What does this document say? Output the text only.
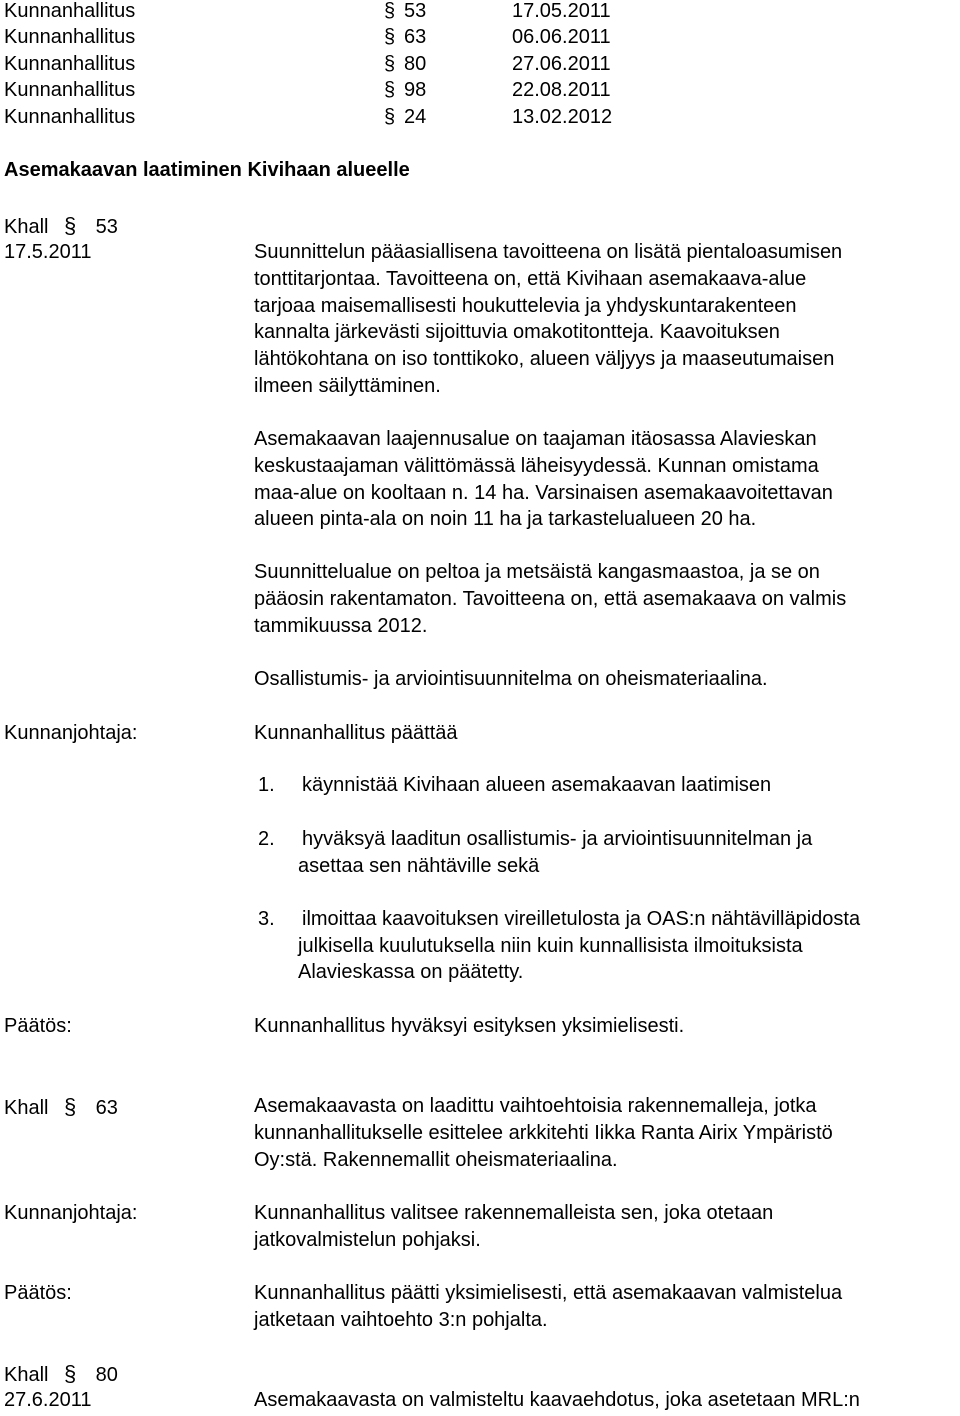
Kunnanhallitus	§ 53	17.05.2011
Kunnanhallitus	§ 63	06.06.2011
Kunnanhallitus	§ 80	27.06.2011
Kunnanhallitus	§ 98	22.08.2011
Kunnanhallitus	§ 24	13.02.2012
Asemakaavan laatiminen Kivihaan alueelle
Khall § 53
17.5.2011	Suunnittelun pääasiallisena tavoitteena on lisätä pientaloasumisen
tonttitarjontaa. Tavoitteena on, että Kivihaan asemakaava-alue
tarjoaa maisemallisesti houkuttelevia ja yhdyskuntarakenteen
kannalta järkevästi sijoittuvia omakotitontteja. Kaavoituksen
lähtökohtana on iso tonttikoko, alueen väljyys ja maaseutumaisen
ilmeen säilyttäminen.
Asemakaavan laajennusalue on taajaman itäosassa Alavieskan
keskustaajaman välittömässä läheisyydessä. Kunnan omistama
maa-alue on kooltaan n. 14 ha. Varsinaisen asemakaavoitettavan
alueen pinta-ala on noin 11 ha ja tarkastelualueen 20 ha.
Suunnittelualue on peltoa ja metsäistä kangasmaastoa, ja se on
pääosin rakentamaton. Tavoitteena on, että asemakaava on valmis
tammikuussa 2012.
Osallistumis- ja arviointisuunnitelma on oheismateriaalina.
Kunnanjohtaja:	Kunnanhallitus päättää
1. käynnistää Kivihaan alueen asemakaavan laatimisen
2. hyväksyä laaditun osallistumis- ja arviointisuunnitelman ja
asettaa sen nähtäville sekä
3. ilmoittaa kaavoituksen vireilletulosta ja OAS:n nähtävilläpidosta
julkisella kuulutuksella niin kuin kunnallisista ilmoituksista
Alavieskassa on päätetty.
Päätös:	Kunnanhallitus hyväksyi esityksen yksimielisesti.
Khall § 63	Asemakaavasta on laadittu vaihtoehtoisia rakennemalleja, jotka
kunnanhallitukselle esittelee arkkitehti Iikka Ranta Airix Ympäristö
Oy:stä. Rakennemallit oheismateriaalina.
Kunnanjohtaja:	Kunnanhallitus valitsee rakennemalleista sen, joka otetaan
jatkovalmistelun pohjaksi.
Päätös:	Kunnanhallitus päätti yksimielisesti, että asemakaavan valmistelua
jatketaan vaihtoehto 3:n pohjalta.
Khall § 80
27.6.2011	Asemakaavasta on valmisteltu kaavaehdotus, joka asetetaan MRL:n
